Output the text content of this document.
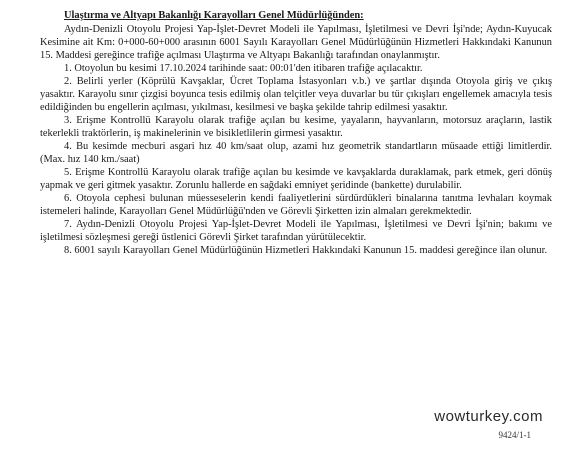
Ulaştırma ve Altyapı Bakanlığı Karayolları Genel Müdürlüğünden:

Aydın-Denizli Otoyolu Projesi Yap-İşlet-Devret Modeli ile Yapılması, İşletilmesi ve Devri İşi'nde; Aydın-Kuyucak Kesimine ait Km: 0+000-60+000 arasının 6001 Sayılı Karayolları Genel Müdürlüğünün Hizmetleri Hakkındaki Kanunun 15. Maddesi gereğince trafiğe açılması Ulaştırma ve Altyapı Bakanlığı tarafından onaylanmıştır.

1. Otoyolun bu kesimi 17.10.2024 tarihinde saat: 00:01'den itibaren trafiğe açılacaktır.

2. Belirli yerler (Köprülü Kavşaklar, Ücret Toplama İstasyonları v.b.) ve şartlar dışında Otoyola giriş ve çıkış yasaktır. Karayolu sınır çizgisi boyunca tesis edilmiş olan telçitler veya duvarlar bu tür çıkışları engellemek amacıyla tesis edildiğinden bu engellerin açılması, yıkılması, kesilmesi ve başka şekilde tahrip edilmesi yasaktır.

3. Erişme Kontrollü Karayolu olarak trafiğe açılan bu kesime, yayaların, hayvanların, motorsuz araçların, lastik tekerlekli traktörlerin, iş makinelerinin ve bisikletlilerin girmesi yasaktır.

4. Bu kesimde mecburi asgari hız 40 km/saat olup, azami hız geometrik standartların müsaade ettiği limitlerdir. (Max. hız 140 km./saat)

5. Erişme Kontrollü Karayolu olarak trafiğe açılan bu kesimde ve kavşaklarda duraklamak, park etmek, geri dönüş yapmak ve geri gitmek yasaktır. Zorunlu hallerde en sağdaki emniyet şeridinde (bankette) durulabilir.

6. Otoyola cephesi bulunan müesseselerin kendi faaliyetlerini sürdürdükleri binalarına tanıtma levhaları koymak istemeleri halinde, Karayolları Genel Müdürlüğü'nden ve Görevli Şirketten izin almaları gerekmektedir.

7. Aydın-Denizli Otoyolu Projesi Yap-İşlet-Devret Modeli ile Yapılması, İşletilmesi ve Devri İşi'nin; bakımı ve işletilmesi sözleşmesi gereği üstlenici Görevli Şirket tarafından yürütülecektir.

8. 6001 sayılı Karayolları Genel Müdürlüğünün Hizmetleri Hakkındaki Kanunun 15. maddesi gereğince ilan olunur.

wowturkey.com
9424/1-1
